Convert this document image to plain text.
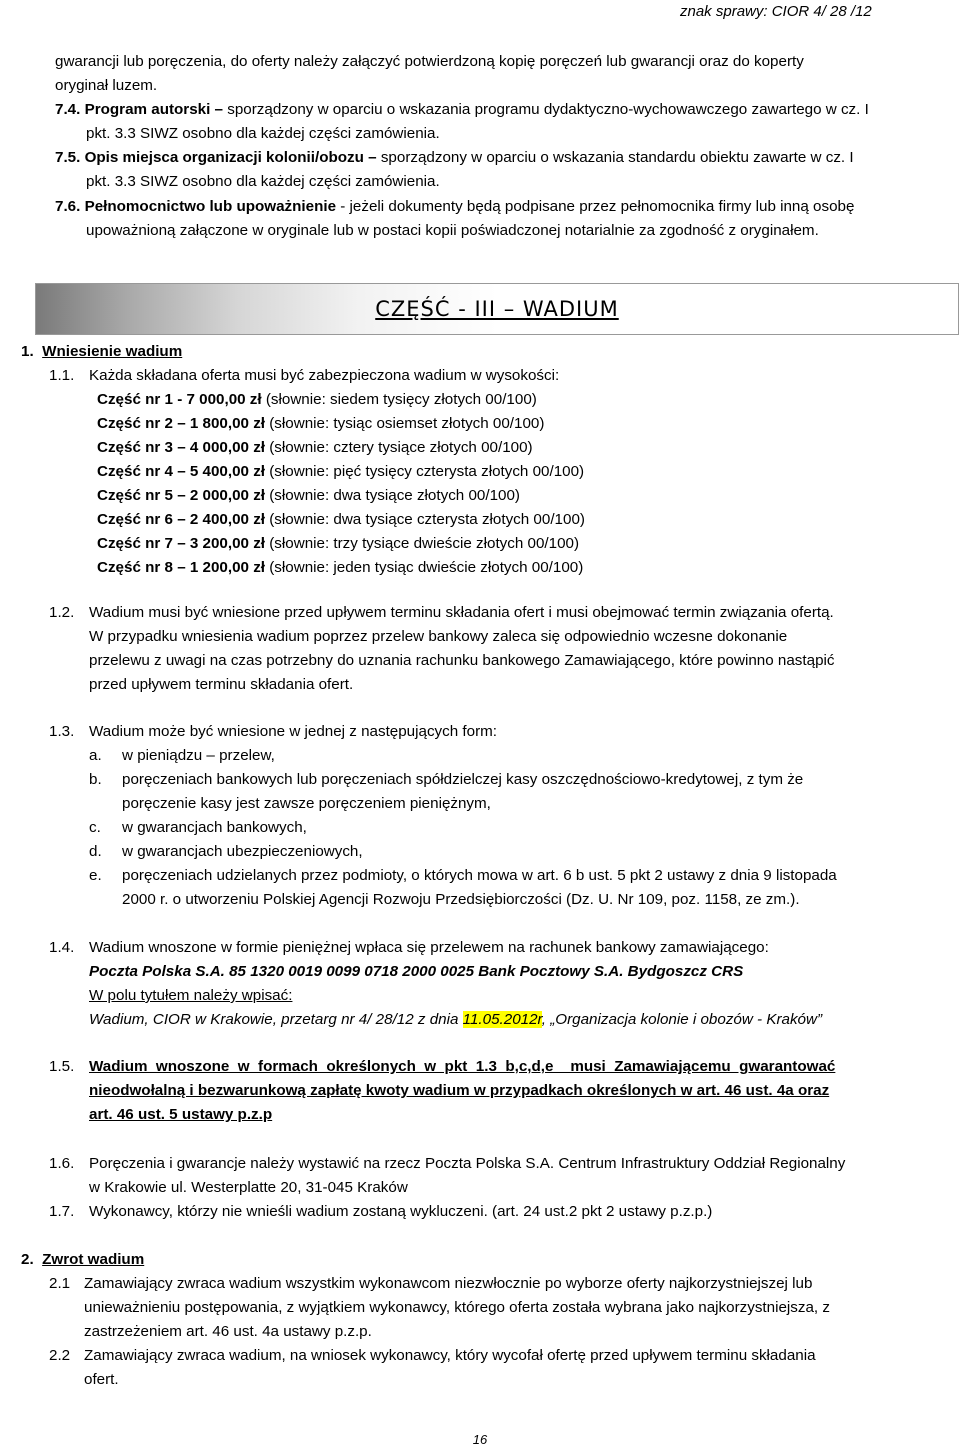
znak sprawy: CIOR 4/ 28 /12
gwarancji lub poręczenia, do oferty należy załączyć potwierdzoną kopię poręczeń lub gwarancji oraz do koperty
oryginał luzem.
7.4. Program autorski – sporządzony w oparciu o wskazania programu dydaktyczno-wychowawczego zawartego w cz. I
pkt. 3.3 SIWZ osobno dla każdej części zamówienia.
7.5. Opis miejsca organizacji kolonii/obozu – sporządzony w oparciu o wskazania standardu obiektu zawarte w cz. I
pkt. 3.3 SIWZ osobno dla każdej części zamówienia.
7.6. Pełnomocnictwo lub upoważnienie - jeżeli dokumenty będą podpisane przez pełnomocnika firmy lub inną osobę
upoważnioną załączone w oryginale lub w postaci kopii poświadczonej notarialnie za zgodność z oryginałem.
CZĘŚĆ - III – WADIUM
1. Wniesienie wadium
1.1. Każda składana oferta musi być zabezpieczona wadium w wysokości:
Część nr 1 - 7 000,00 zł (słownie: siedem tysięcy złotych 00/100)
Część nr 2 – 1 800,00 zł (słownie: tysiąc osiemset złotych 00/100)
Część nr 3 – 4 000,00 zł (słownie: cztery tysiące złotych 00/100)
Część nr 4 – 5 400,00 zł (słownie: pięć tysięcy czterysta złotych 00/100)
Część nr 5 – 2 000,00 zł (słownie: dwa tysiące złotych 00/100)
Część nr 6 – 2 400,00 zł (słownie: dwa tysiące czterysta złotych 00/100)
Część nr 7 – 3 200,00 zł (słownie: trzy tysiące dwieście złotych 00/100)
Część nr 8 – 1 200,00 zł (słownie: jeden tysiąc dwieście złotych 00/100)
1.2. Wadium musi być wniesione przed upływem terminu składania ofert i musi obejmować termin związania ofertą.
W przypadku wniesienia wadium poprzez przelew bankowy zaleca się odpowiednio wczesne dokonanie
przelewu z uwagi na czas potrzebny do uznania rachunku bankowego Zamawiającego, które powinno nastąpić
przed upływem terminu składania ofert.
1.3. Wadium może być wniesione w jednej z następujących form:
a. w pieniądzu – przelew,
b. poręczeniach bankowych lub poręczeniach spółdzielczej kasy oszczędnościowo-kredytowej, z tym że
poręczenie kasy jest zawsze poręczeniem pieniężnym,
c. w gwarancjach bankowych,
d. w gwarancjach ubezpieczeniowych,
e. poręczeniach udzielanych przez podmioty, o których mowa w art. 6 b ust. 5 pkt 2 ustawy z dnia 9 listopada
2000 r. o utworzeniu Polskiej Agencji Rozwoju Przedsiębiorczości (Dz. U. Nr 109, poz. 1158, ze zm.).
1.4. Wadium wnoszone w formie pieniężnej wpłaca się przelewem na rachunek bankowy zamawiającego:
Poczta Polska S.A. 85 1320 0019 0099 0718 2000 0025 Bank Pocztowy S.A. Bydgoszcz CRS
W polu tytułem należy wpisać:
Wadium, CIOR w Krakowie, przetarg nr 4/ 28/12 z dnia 11.05.2012r, „Organizacja kolonie i obozów - Kraków”
1.5. Wadium  wnoszone  w  formach  określonych  w  pkt  1.3  b,c,d,e    musi  Zamawiającemu  gwarantować
nieodwołalną i bezwarunkową zapłatę kwoty wadium w przypadkach określonych w art. 46 ust. 4a oraz
art. 46 ust. 5 ustawy p.z.p
1.6. Poręczenia i gwarancje należy wystawić na rzecz Poczta Polska S.A. Centrum Infrastruktury Oddział Regionalny
w Krakowie ul. Westerplatte 20, 31-045 Kraków
1.7. Wykonawcy, którzy nie wnieśli wadium zostaną wykluczeni. (art. 24 ust.2 pkt 2 ustawy p.z.p.)
2. Zwrot wadium
2.1 Zamawiający zwraca wadium wszystkim wykonawcom niezwłocznie po wyborze oferty najkorzystniejszej lub
unieważnieniu postępowania, z wyjątkiem wykonawcy, którego oferta została wybrana jako najkorzystniejsza, z
zastrzeżeniem art. 46 ust. 4a ustawy p.z.p.
2.2 Zamawiający zwraca wadium, na wniosek wykonawcy, który wycofał ofertę przed upływem terminu składania
ofert.
16
